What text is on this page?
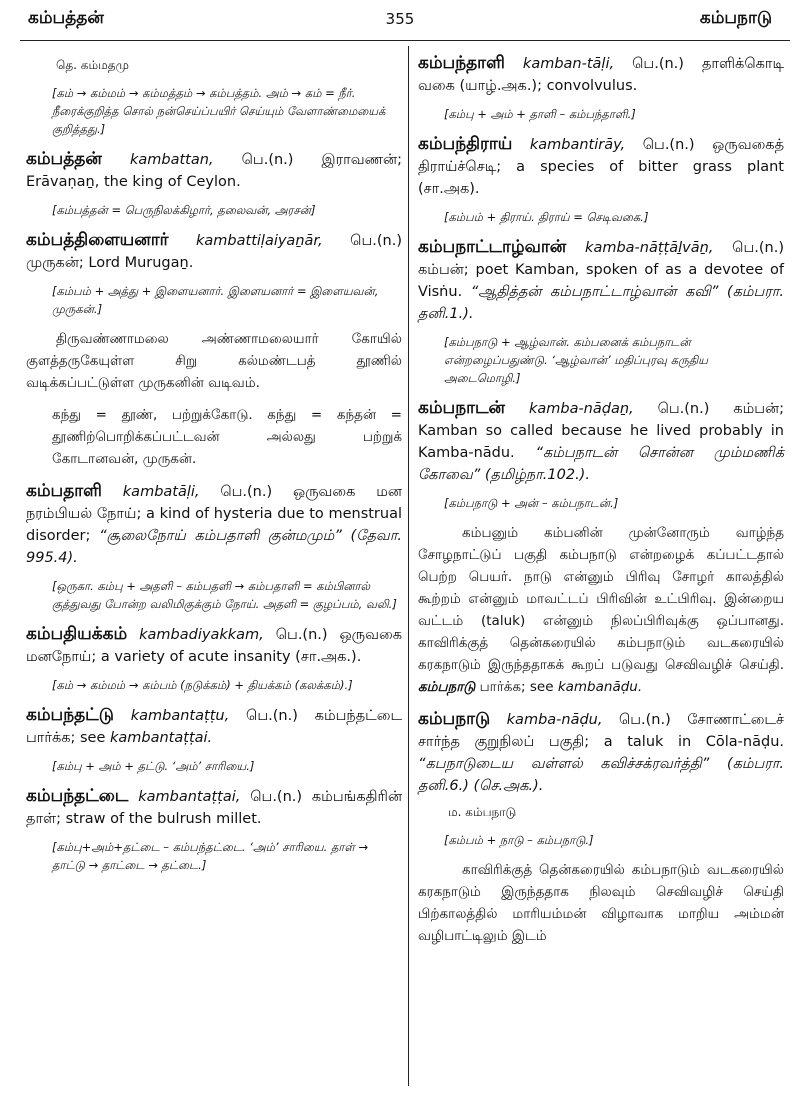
கம்பத்தன்	355	கம்பநாடு
தெ. கம்மதமு
[கம் → கம்மம் → கம்மத்தம் → கம்பத்தம். அம் → கம் = நீர். நீரைக்குறித்த சொல் நன்செய்ப்பயிர் செய்யும் வேளாண்மையைக் குறித்தது.]

கம்பத்தன் kambattan, பெ.(n.) இராவணன்; Erāvaṇaṉ, the king of Ceylon.

[கம்பத்தன் = பெருநிலக்கிழார், தலைவன், அரசன்]

கம்பத்திளையனார் kambattiḷaiyaṉār, பெ.(n.) முருகன்; Lord Murugaṉ.

[கம்பம் + அத்து + இளையனார். இளையனார் = இளையவன், முருகன்.]
திருவண்ணாமலை அண்ணாமலையார் கோயில் குளத்தருகேயுள்ள சிறு கல்மண்டபத் தூணில் வடிக்கப்பட்டுள்ள முருகனின் வடிவம்.
கந்து = தூண், பற்றுக்கோடு. கந்து = கந்தன் = தூணிற்பொறிக்கப்பட்டவன் அல்லது பற்றுக் கோடானவன், முருகன்.

கம்பதாளி kambatāḷi, பெ.(n.) ஒருவகை மன நரம்பியல் நோய்; a kind of hysteria due to menstrual disorder; “சூலைநோய் கம்பதாளி குன்மமும்” (தேவா. 995.4).

[ஒருகா. கம்பு + அதளி – கம்பதளி → கம்பதாளி = கம்பினால் குத்துவது போன்ற வலிமிகுக்கும் நோய். அதளி = குழப்பம், வலி.]

கம்பதியக்கம் kambadiyakkam, பெ.(n.) ஒருவகை மனநோய்; a variety of acute insanity (சா.அக.).

[கம் → கம்மம் → கம்பம் (நடுக்கம்) + தியக்கம் (கலக்கம்).]

கம்பந்தட்டு kambantaṭṭu, பெ.(n.) கம்பந்தட்டை பார்க்க; see kambantaṭṭai.

[கம்பு + அம் + தட்டு. ‘அம்’ சாரியை.]

கம்பந்தட்டை kambantaṭṭai, பெ.(n.) கம்பங்கதிரின் தாள்; straw of the bulrush millet.

[கம்பு+அம்+தட்டை – கம்பந்தட்டை. ‘அம்’ சாரியை. தாள் → தாட்டு → தாட்டை → தட்டை.]

கம்பந்தாளி kamban-tāḷi, பெ.(n.) தாளிக்கொடி வகை (யாழ்.அக.); convolvulus.

[கம்பு + அம் + தாளி – கம்பந்தாளி.]

கம்பந்திராய் kambantirāy, பெ.(n.) ஒருவகைத் திராய்ச்செடி; a species of bitter grass plant (சா.அக).

[கம்பம் + திராய். திராய் = செடிவகை.]

கம்பநாட்டாழ்வான் kamba-nāṭṭāḻvāṉ, பெ.(n.) கம்பன்; poet Kamban, spoken of as a devotee of Visṅu. “ஆதித்தன் கம்பநாட்டாழ்வான் கவி” (கம்பரா. தனி.1.).

[கம்பநாடு + ஆழ்வான். கம்பனைக் கம்பநாடன் என்றழைப்பதுண்டு. ‘ஆழ்வான்’ மதிப்புரவு கருதிய அடைமொழி.]

கம்பநாடன் kamba-nāḍaṉ, பெ.(n.) கம்பன்; Kamban so called because he lived probably in Kamba-nādu. “கம்பநாடன் சொன்ன மும்மணிக் கோவை” (தமிழ்நா.102.).

[கம்பநாடு + அன் – கம்பநாடன்.]

கம்பனும் கம்பனின் முன்னோரும் வாழ்ந்த சோழநாட்டுப் பகுதி கம்பநாடு என்றழைக் கப்பட்டதால் பெற்ற பெயர். நாடு என்னும் பிரிவு சோழர் காலத்தில் கூற்றம் என்னும் மாவட்டப் பிரிவின் உட்பிரிவு. இன்றைய வட்டம் (taluk) என்னும் நிலப்பிரிவுக்கு ஒப்பானது. காவிரிக்குத் தென்கரையில் கம்பநாடும் வடகரையில் கரகநாடும் இருந்ததாகக் கூறப் படுவது செவிவழிச் செய்தி. கம்பநாடு பார்க்க; see kambanāḍu.

கம்பநாடு kamba-nāḍu, பெ.(n.) சோணாட்டைச் சார்ந்த குறுநிலப் பகுதி; a taluk in Cōla-nāḍu. “கபநாடுடைய வள்ளல் கவிச்சக்ரவர்த்தி” (கம்பரா. தனி.6.) (செ.அக.).

ம. கம்பநாடு
[கம்பம் + நாடு – கம்பநாடு.]

காவிரிக்குத் தென்கரையில் கம்பநாடும் வடகரையில் கரகநாடும் இருந்ததாக நிலவும் செவிவழிச் செய்தி பிற்காலத்தில் மாரியம்மன் விழாவாக மாறிய அம்மன் வழிபாட்டிலும் இடம்
